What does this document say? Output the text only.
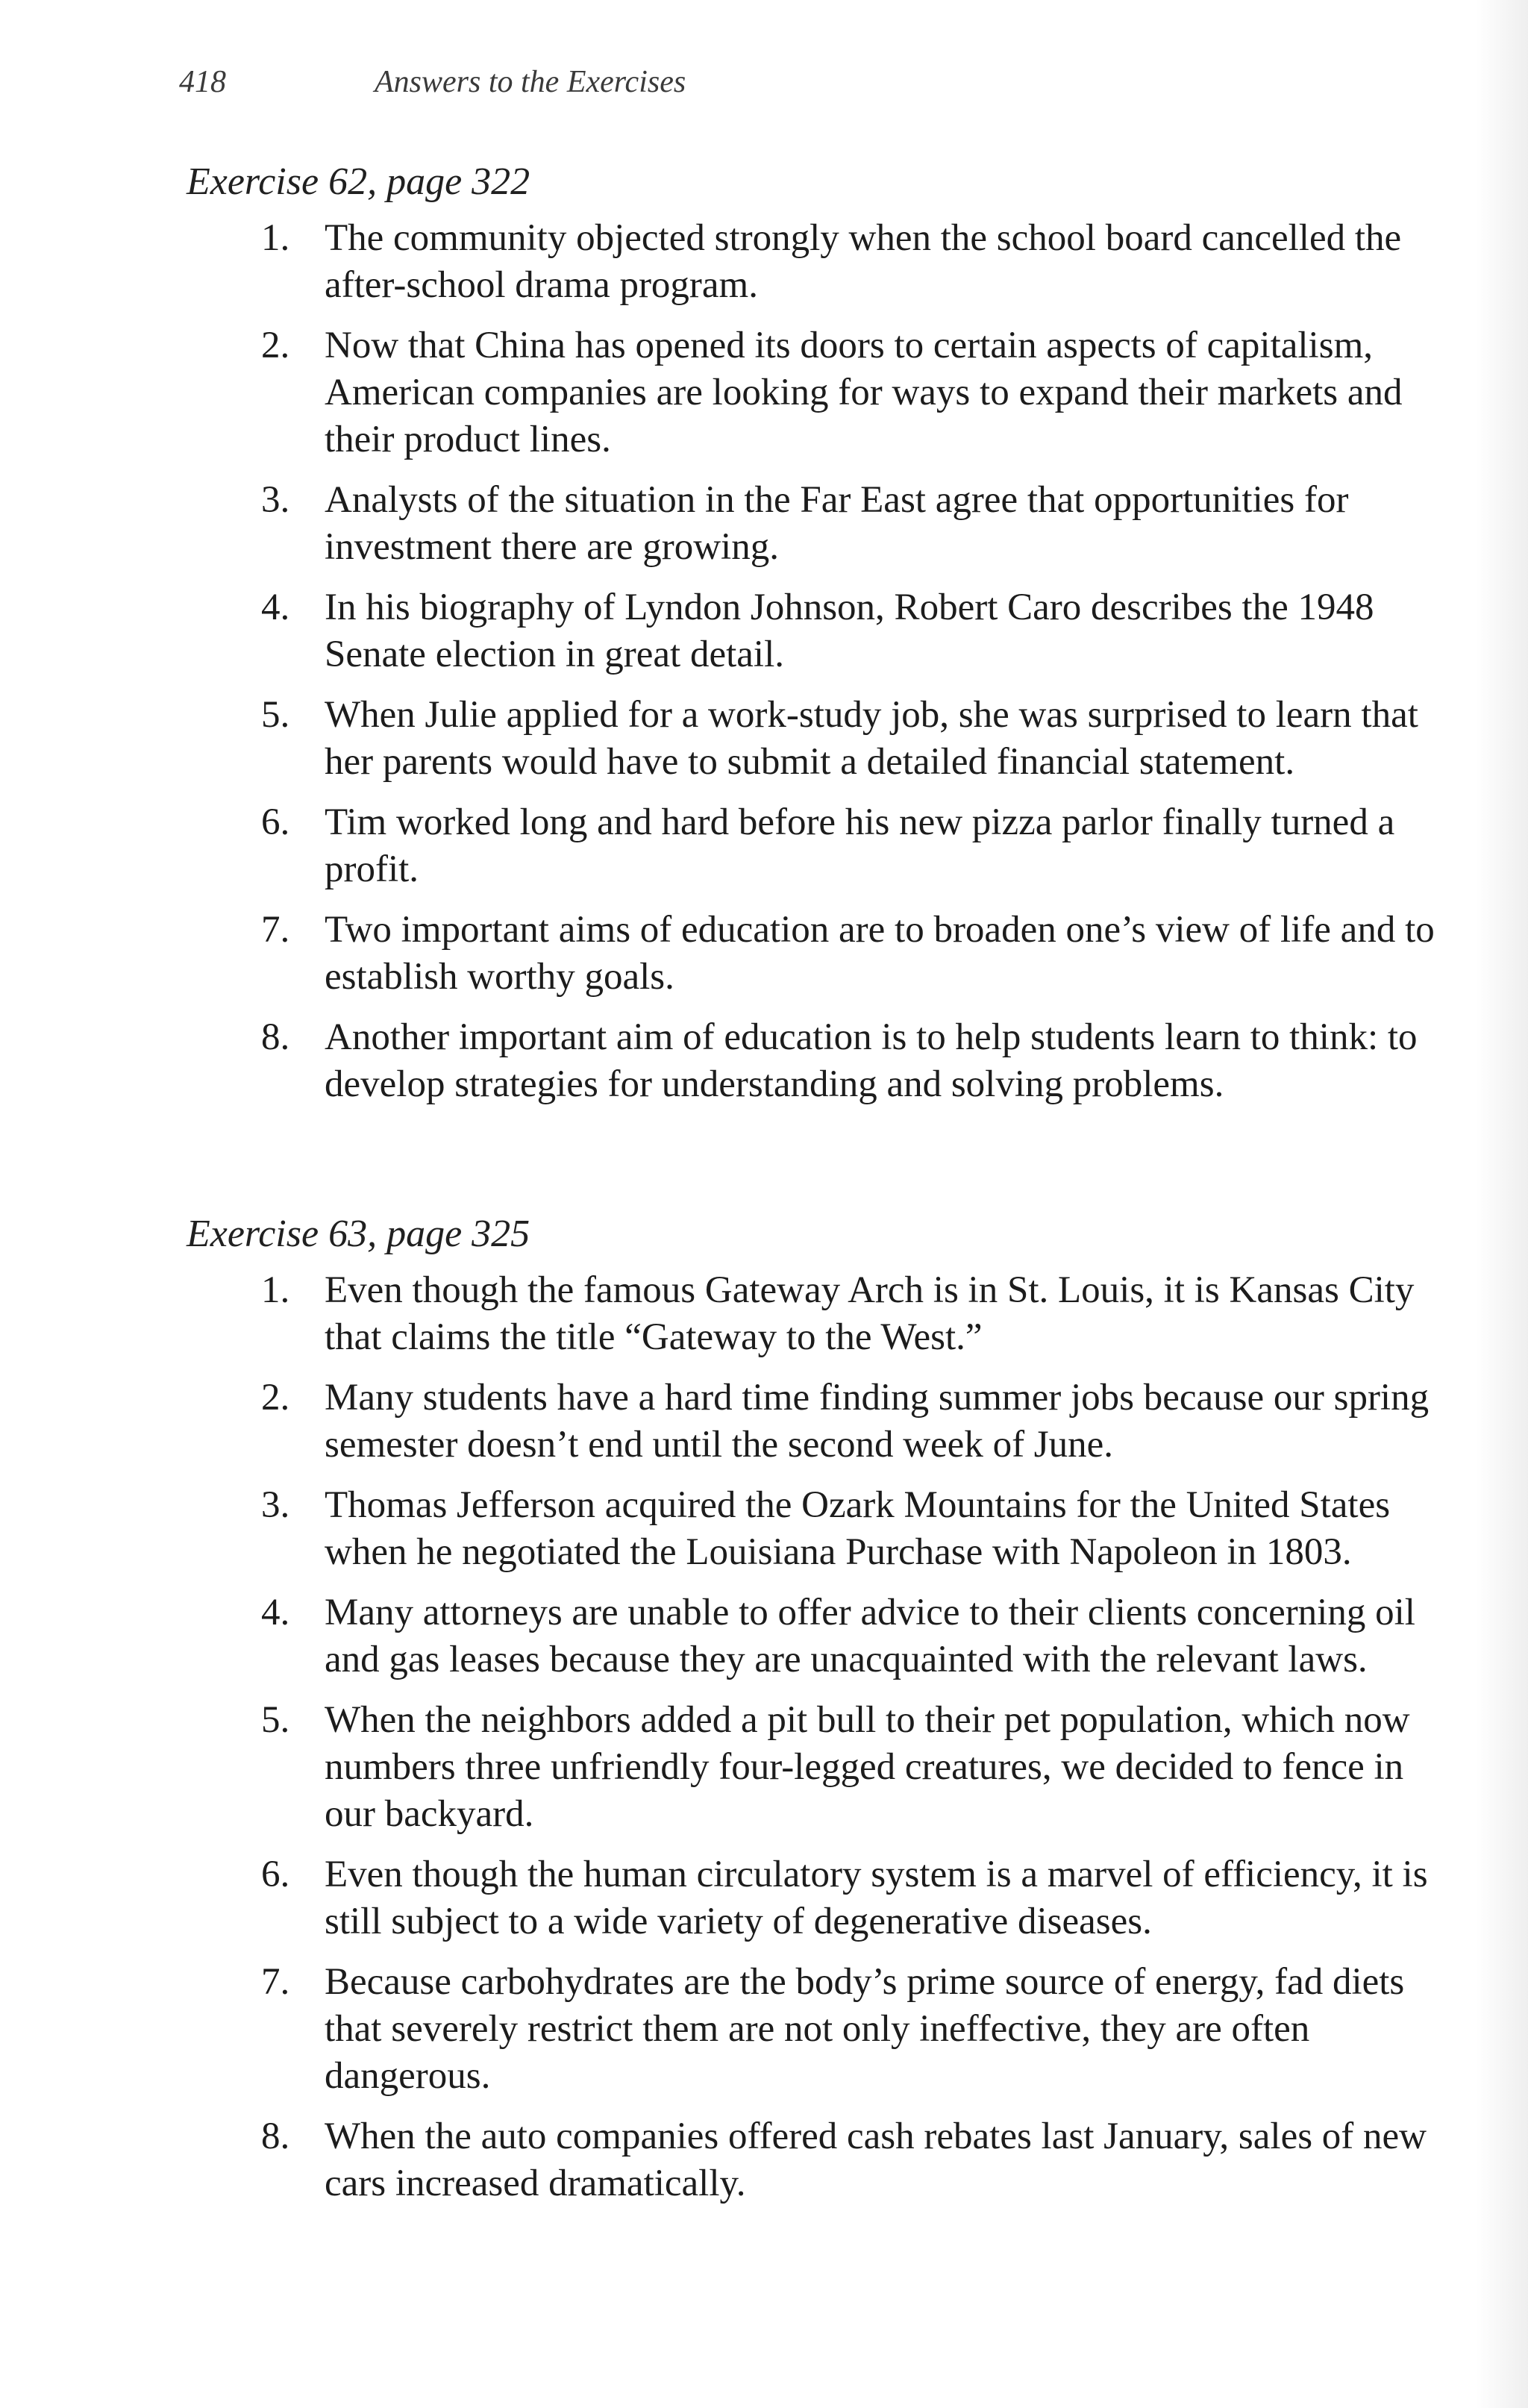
418	Answers to the Exercises
Exercise 62, page 322
1. The community objected strongly when the school board cancelled the after-school drama program.
2. Now that China has opened its doors to certain aspects of capitalism, American companies are looking for ways to expand their markets and their product lines.
3. Analysts of the situation in the Far East agree that opportunities for investment there are growing.
4. In his biography of Lyndon Johnson, Robert Caro describes the 1948 Senate election in great detail.
5. When Julie applied for a work-study job, she was surprised to learn that her parents would have to submit a detailed financial statement.
6. Tim worked long and hard before his new pizza parlor finally turned a profit.
7. Two important aims of education are to broaden one’s view of life and to establish worthy goals.
8. Another important aim of education is to help students learn to think: to develop strategies for understanding and solving problems.
Exercise 63, page 325
1. Even though the famous Gateway Arch is in St. Louis, it is Kansas City that claims the title “Gateway to the West.”
2. Many students have a hard time finding summer jobs because our spring semester doesn’t end until the second week of June.
3. Thomas Jefferson acquired the Ozark Mountains for the United States when he negotiated the Louisiana Purchase with Napoleon in 1803.
4. Many attorneys are unable to offer advice to their clients concerning oil and gas leases because they are unacquainted with the relevant laws.
5. When the neighbors added a pit bull to their pet population, which now numbers three unfriendly four-legged creatures, we decided to fence in our backyard.
6. Even though the human circulatory system is a marvel of efficiency, it is still subject to a wide variety of degenerative diseases.
7. Because carbohydrates are the body’s prime source of energy, fad diets that severely restrict them are not only ineffective, they are often dangerous.
8. When the auto companies offered cash rebates last January, sales of new cars increased dramatically.
